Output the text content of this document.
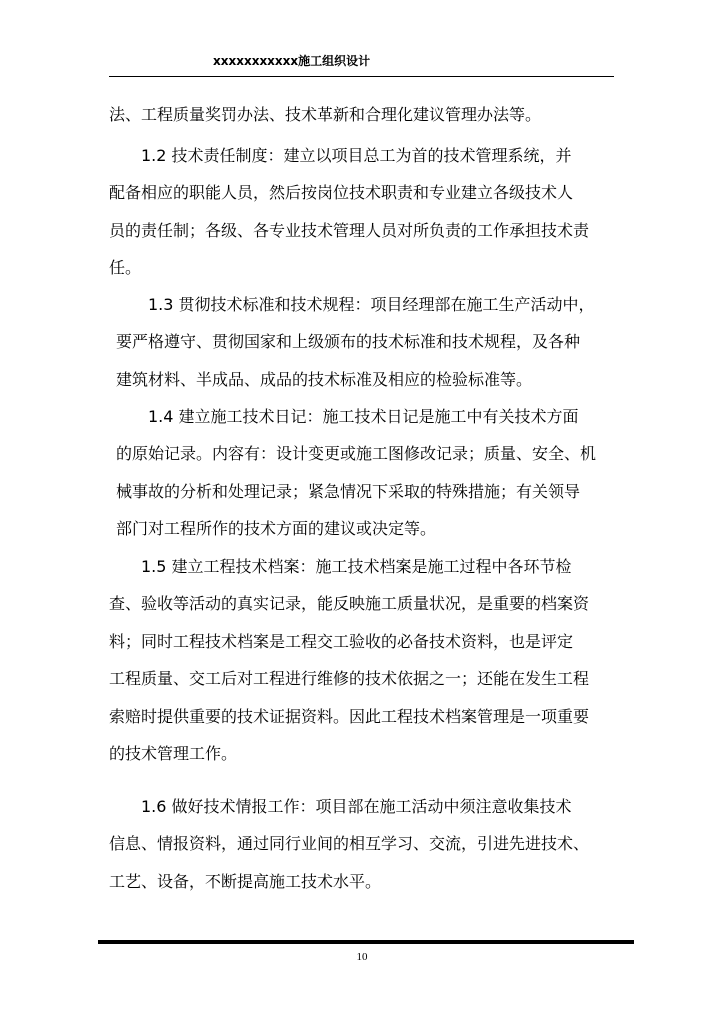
xxxxxxxxxxx施工组织设计
法、工程质量奖罚办法、技术革新和合理化建议管理办法等。
　　1.2 技术责任制度：建立以项目总工为首的技术管理系统，并
配备相应的职能人员，然后按岗位技术职责和专业建立各级技术人
员的责任制；各级、各专业技术管理人员对所负责的工作承担技术责
任。
　　1.3 贯彻技术标准和技术规程：项目经理部在施工生产活动中，
要严格遵守、贯彻国家和上级颁布的技术标准和技术规程，及各种
建筑材料、半成品、成品的技术标准及相应的检验标准等。
　　1.4 建立施工技术日记：施工技术日记是施工中有关技术方面
的原始记录。内容有：设计变更或施工图修改记录；质量、安全、机
械事故的分析和处理记录；紧急情况下采取的特殊措施；有关领导
部门对工程所作的技术方面的建议或决定等。
　　1.5 建立工程技术档案：施工技术档案是施工过程中各环节检
查、验收等活动的真实记录，能反映施工质量状况，是重要的档案资
料；同时工程技术档案是工程交工验收的必备技术资料，也是评定
工程质量、交工后对工程进行维修的技术依据之一；还能在发生工程
索赔时提供重要的技术证据资料。因此工程技术档案管理是一项重要
的技术管理工作。
　　1.6 做好技术情报工作：项目部在施工活动中须注意收集技术
信息、情报资料，通过同行业间的相互学习、交流，引进先进技术、
工艺、设备，不断提高施工技术水平。
10
